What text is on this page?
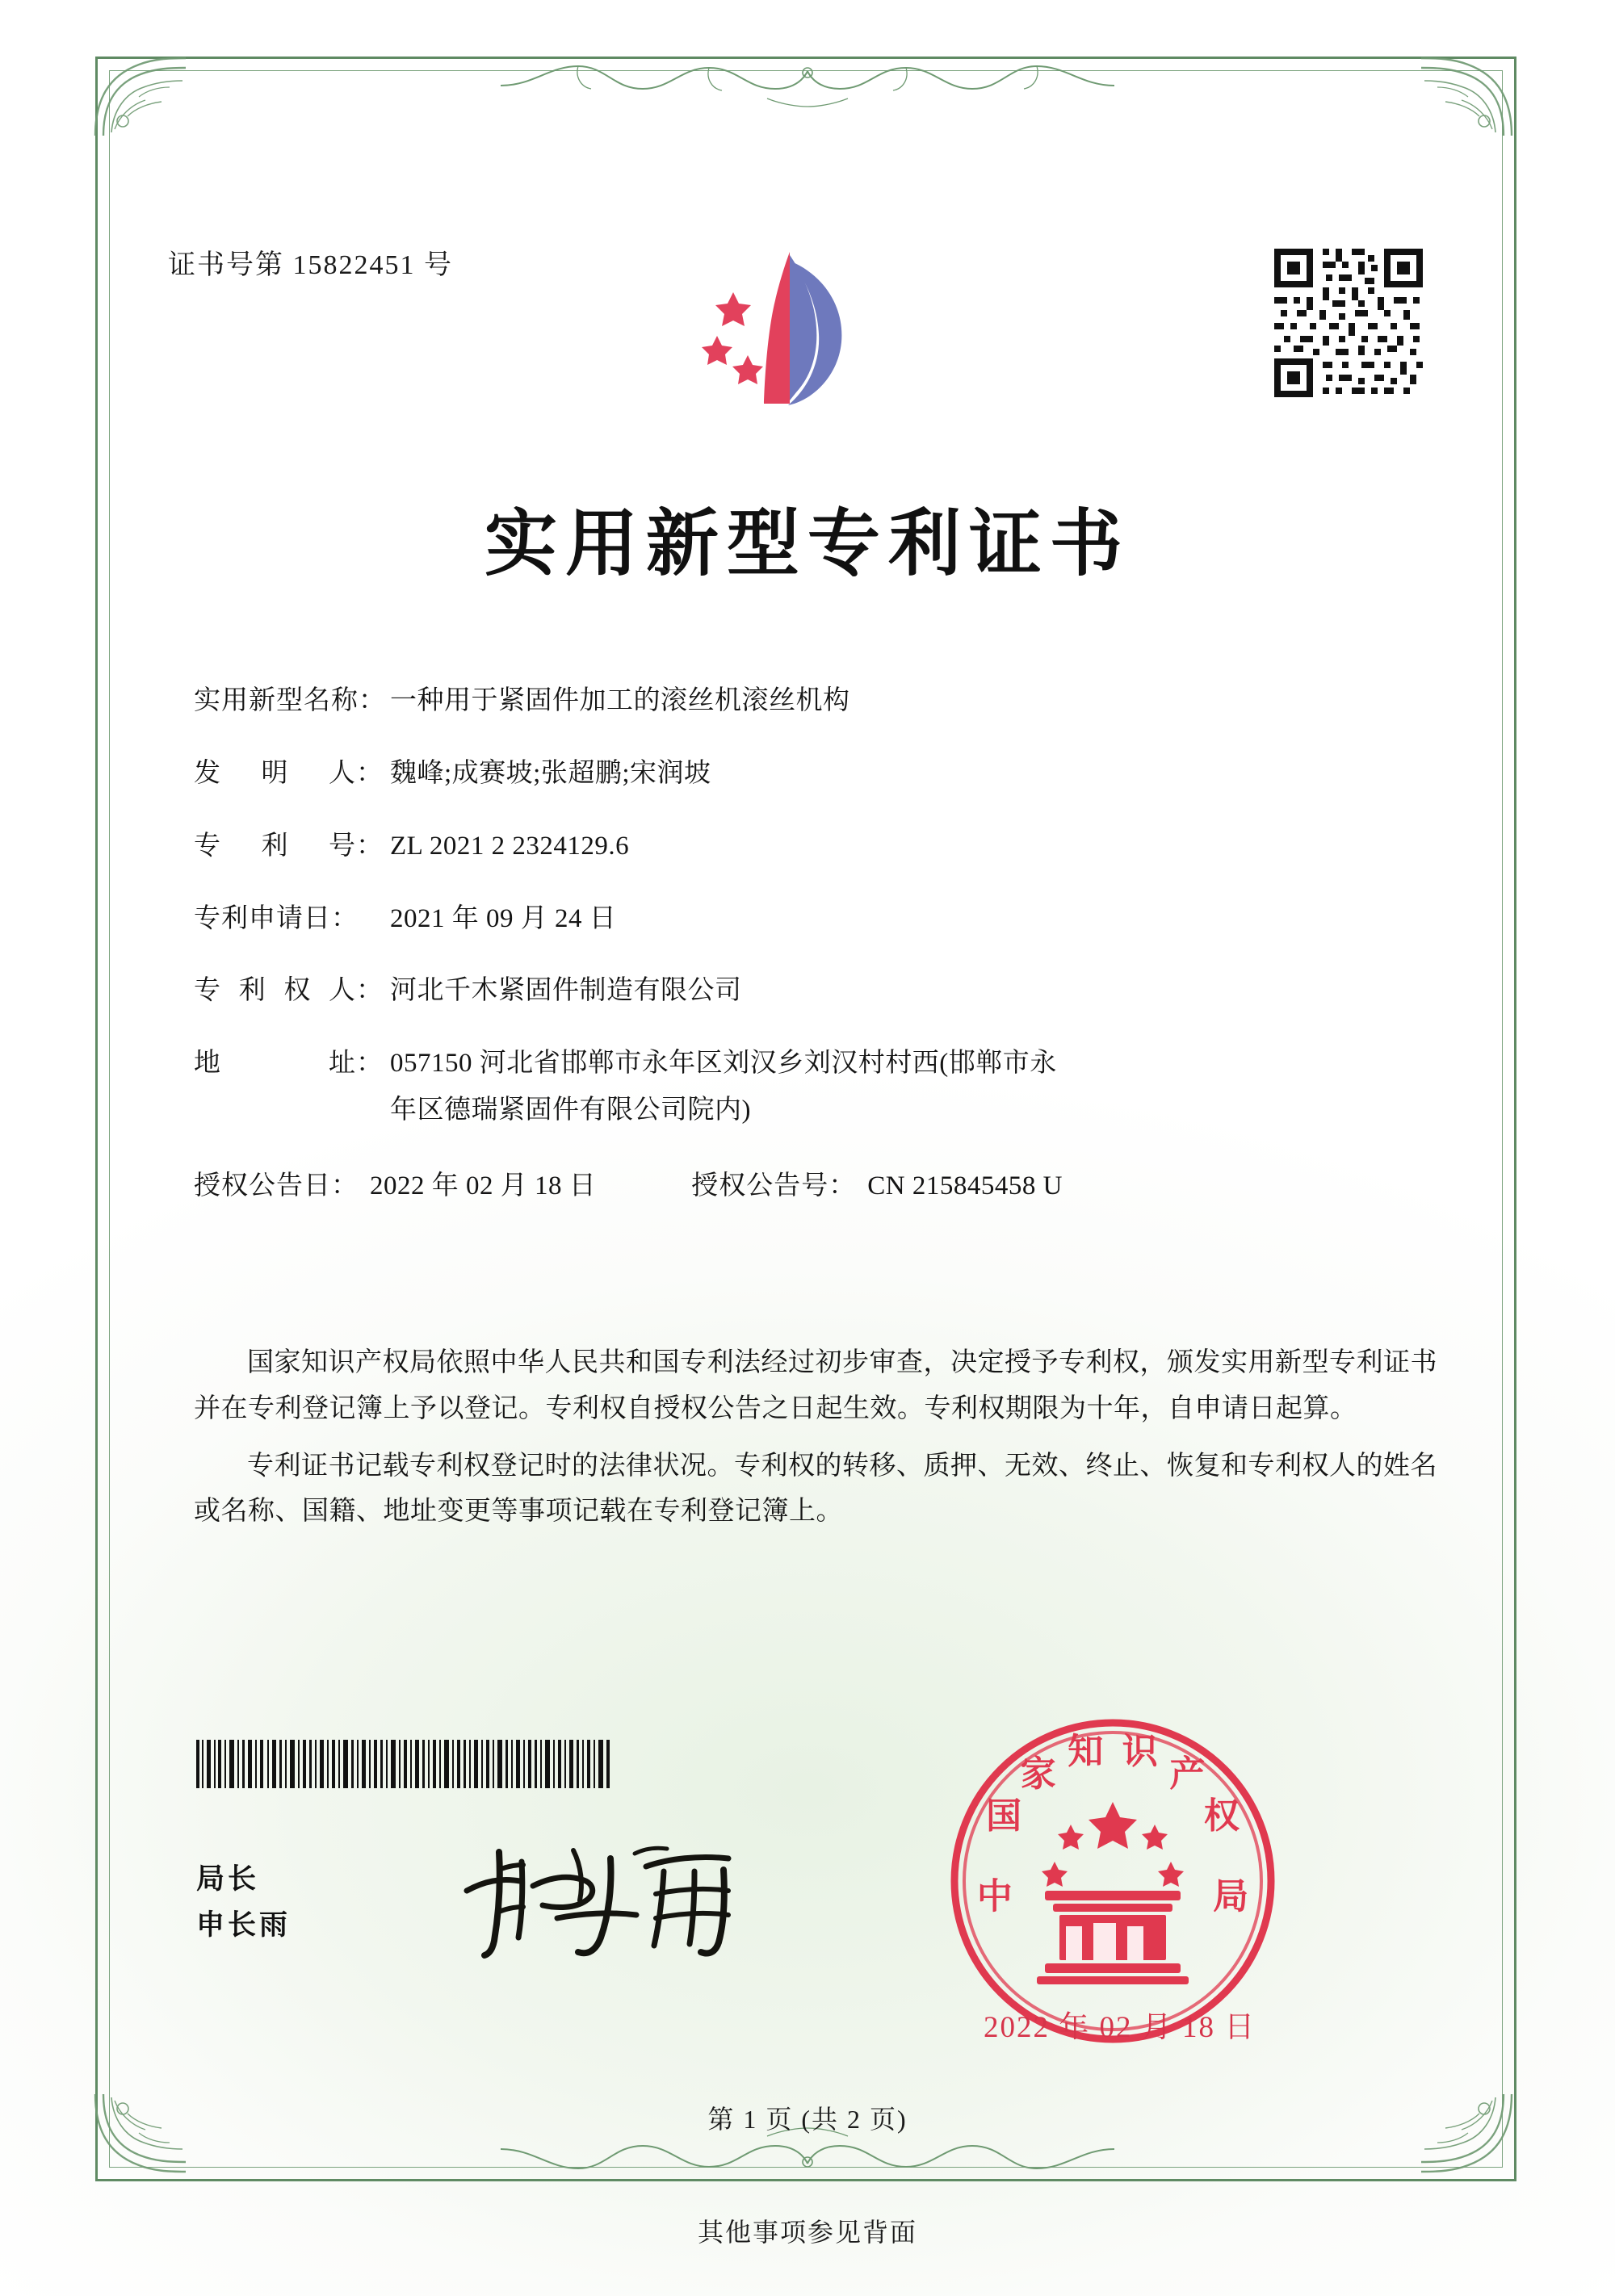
证书号第 15822451 号
实用新型专利证书
实用新型名称： 一种用于紧固件加工的滚丝机滚丝机构
发 明 人： 魏峰;成赛坡;张超鹏;宋润坡
专 利 号： ZL 2021 2 2324129.6
专利申请日：	2021 年 09 月 24 日
专 利 权 人： 河北千木紧固件制造有限公司
地	址： 057150 河北省邯郸市永年区刘汉乡刘汉村村西(邯郸市永
年区德瑞紧固件有限公司院内)
授权公告日： 2022 年 02 月 18 日	授权公告号： CN 215845458 U

国家知识产权局依照中华人民共和国专利法经过初步审查，决定授予专利权，颁发实用新型专利证书并在专利登记簿上予以登记。专利权自授权公告之日起生效。专利权期限为十年，自申请日起算。

专利证书记载专利权登记时的法律状况。专利权的转移、质押、无效、终止、恢复和专利权人的姓名或名称、国籍、地址变更等事项记载在专利登记簿上。

局长
申长雨
国
家
知 识
产
权
局
中
2022 年 02 月 18 日
第 1 页 (共 2 页)
其他事项参见背面
